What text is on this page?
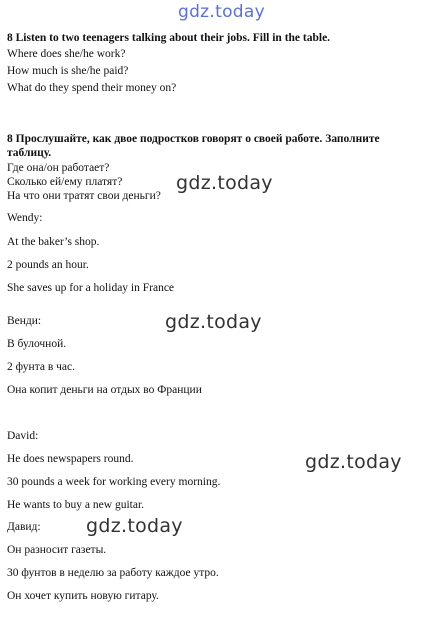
gdz.today
gdz.today
gdz.today
gdz.today
gdz.today
8 Listen to two teenagers talking about their jobs. Fill in the table.
Where does she/he work?
How much is she/he paid?
What do they spend their money on?
8 Прослушайте, как двое подростков говорят о своей работе. Заполните
таблицу.
Где она/он работает?
Сколько ей/ему платят?
На что они тратят свои деньги?
Wendy:
At the baker’s shop.
2 pounds an hour.
She saves up for a holiday in France
Венди:
В булочной.
2 фунта в час.
Она копит деньги на отдых во Франции
David:
He does newspapers round.
30 pounds a week for working every morning.
He wants to buy a new guitar.
Давид:
Он разносит газеты.
30 фунтов в неделю за работу каждое утро.
Он хочет купить новую гитару.
